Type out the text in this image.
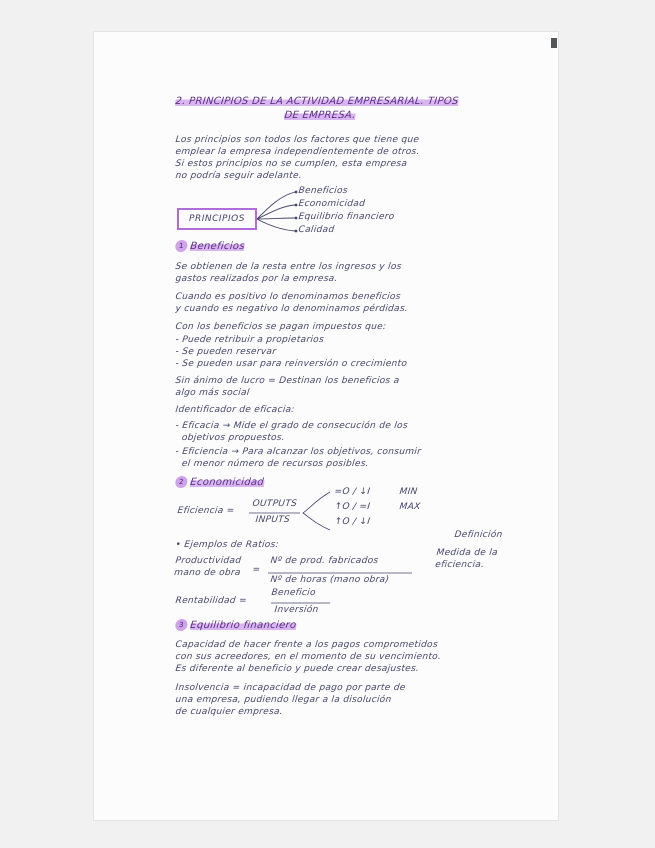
2. PRINCIPIOS DE LA ACTIVIDAD EMPRESARIAL. TIPOS

DE EMPRESA.

Los principios son todos los factores que tiene que

emplear la empresa independientemente de otros.

Si estos principios no se cumplen, esta empresa

no podría seguir adelante.

PRINCIPIOS

Beneficios

Economicidad

Equilibrio financiero

Calidad

1 Beneficios

Se obtienen de la resta entre los ingresos y los

gastos realizados por la empresa.

Cuando es positivo lo denominamos beneficios

y cuando es negativo lo denominamos pérdidas.

Con los beneficios se pagan impuestos que:

- Puede retribuir a propietarios

- Se pueden reservar

- Se pueden usar para reinversión o crecimiento

Sin ánimo de lucro = Destinan los beneficios a

algo más social

Identificador de eficacia:

- Eficacia → Mide el grado de consecución de los

objetivos propuestos.

- Eficiencia → Para alcanzar los objetivos, consumir

el menor número de recursos posibles.

2 Economicidad

Eficiencia =

OUTPUTS

INPUTS

=O / ↓I

↑O / =I

↑O / ↓I

MIN

MAX

• Ejemplos de Ratios:

Definición

Medida de la
eficiencia.

Productividad
mano de obra =

Nº de prod. fabricados

Nº de horas (mano obra)

Rentabilidad =

Beneficio

Inversión

3 Equilibrio financiero

Capacidad de hacer frente a los pagos comprometidos

con sus acreedores, en el momento de su vencimiento.

Es diferente al beneficio y puede crear desajustes.

Insolvencia = incapacidad de pago por parte de

una empresa, pudiendo llegar a la disolución

de cualquier empresa.
